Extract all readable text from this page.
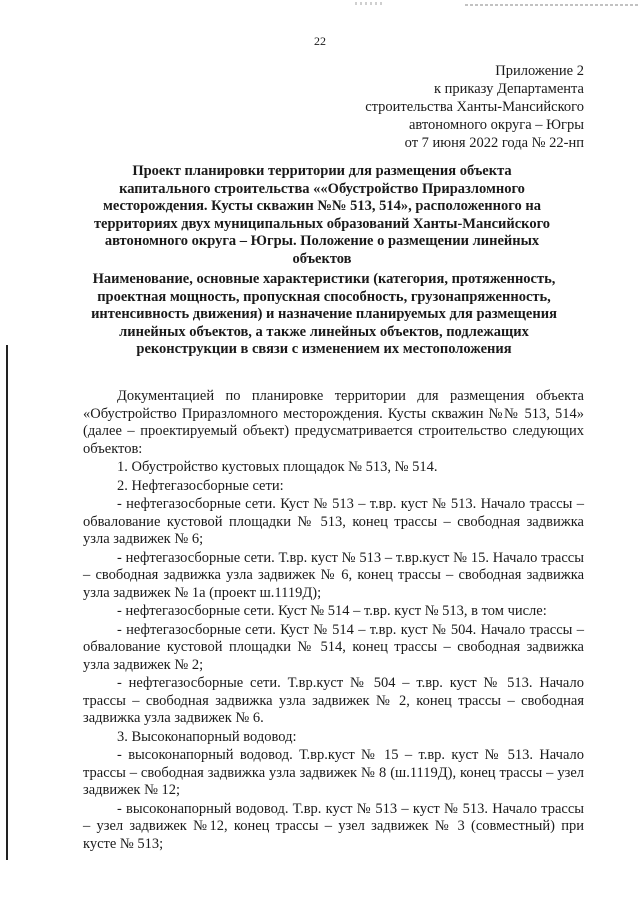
22
Приложение 2
к приказу Департамента
строительства Ханты-Мансийского
автономного округа – Югры
от 7 июня 2022 года № 22-нп
Проект планировки территории для размещения объекта капитального строительства ««Обустройство Приразломного месторождения. Кусты скважин №№ 513, 514», расположенного на территориях двух муниципальных образований Ханты-Мансийского автономного округа – Югры. Положение о размещении линейных объектов
Наименование, основные характеристики (категория, протяженность, проектная мощность, пропускная способность, грузонапряженность, интенсивность движения) и назначение планируемых для размещения линейных объектов, а также линейных объектов, подлежащих реконструкции в связи с изменением их местоположения

Документацией по планировке территории для размещения объекта «Обустройство Приразломного месторождения. Кусты скважин №№ 513, 514» (далее – проектируемый объект) предусматривается строительство следующих объектов:

1. Обустройство кустовых площадок № 513, № 514.

2. Нефтегазосборные сети:

- нефтегазосборные сети. Куст № 513 – т.вр. куст № 513. Начало трассы – обвалование кустовой площадки № 513, конец трассы – свободная задвижка узла задвижек № 6;

- нефтегазосборные сети. Т.вр. куст № 513 – т.вр.куст № 15. Начало трассы – свободная задвижка узла задвижек № 6, конец трассы – свободная задвижка узла задвижек № 1а (проект ш.1119Д);

- нефтегазосборные сети. Куст № 514 – т.вр. куст № 513, в том числе:

- нефтегазосборные сети. Куст № 514 – т.вр. куст № 504. Начало трассы – обвалование кустовой площадки № 514, конец трассы – свободная задвижка узла задвижек № 2;

- нефтегазосборные сети. Т.вр.куст № 504 – т.вр. куст № 513. Начало трассы – свободная задвижка узла задвижек № 2, конец трассы – свободная задвижка узла задвижек № 6.

3. Высоконапорный водовод:

- высоконапорный водовод. Т.вр.куст № 15 – т.вр. куст № 513. Начало трассы – свободная задвижка узла задвижек № 8 (ш.1119Д), конец трассы – узел задвижек № 12;

- высоконапорный водовод. Т.вр. куст № 513 – куст № 513. Начало трассы – узел задвижек №12, конец трассы – узел задвижек № 3 (совместный) при кусте № 513;
